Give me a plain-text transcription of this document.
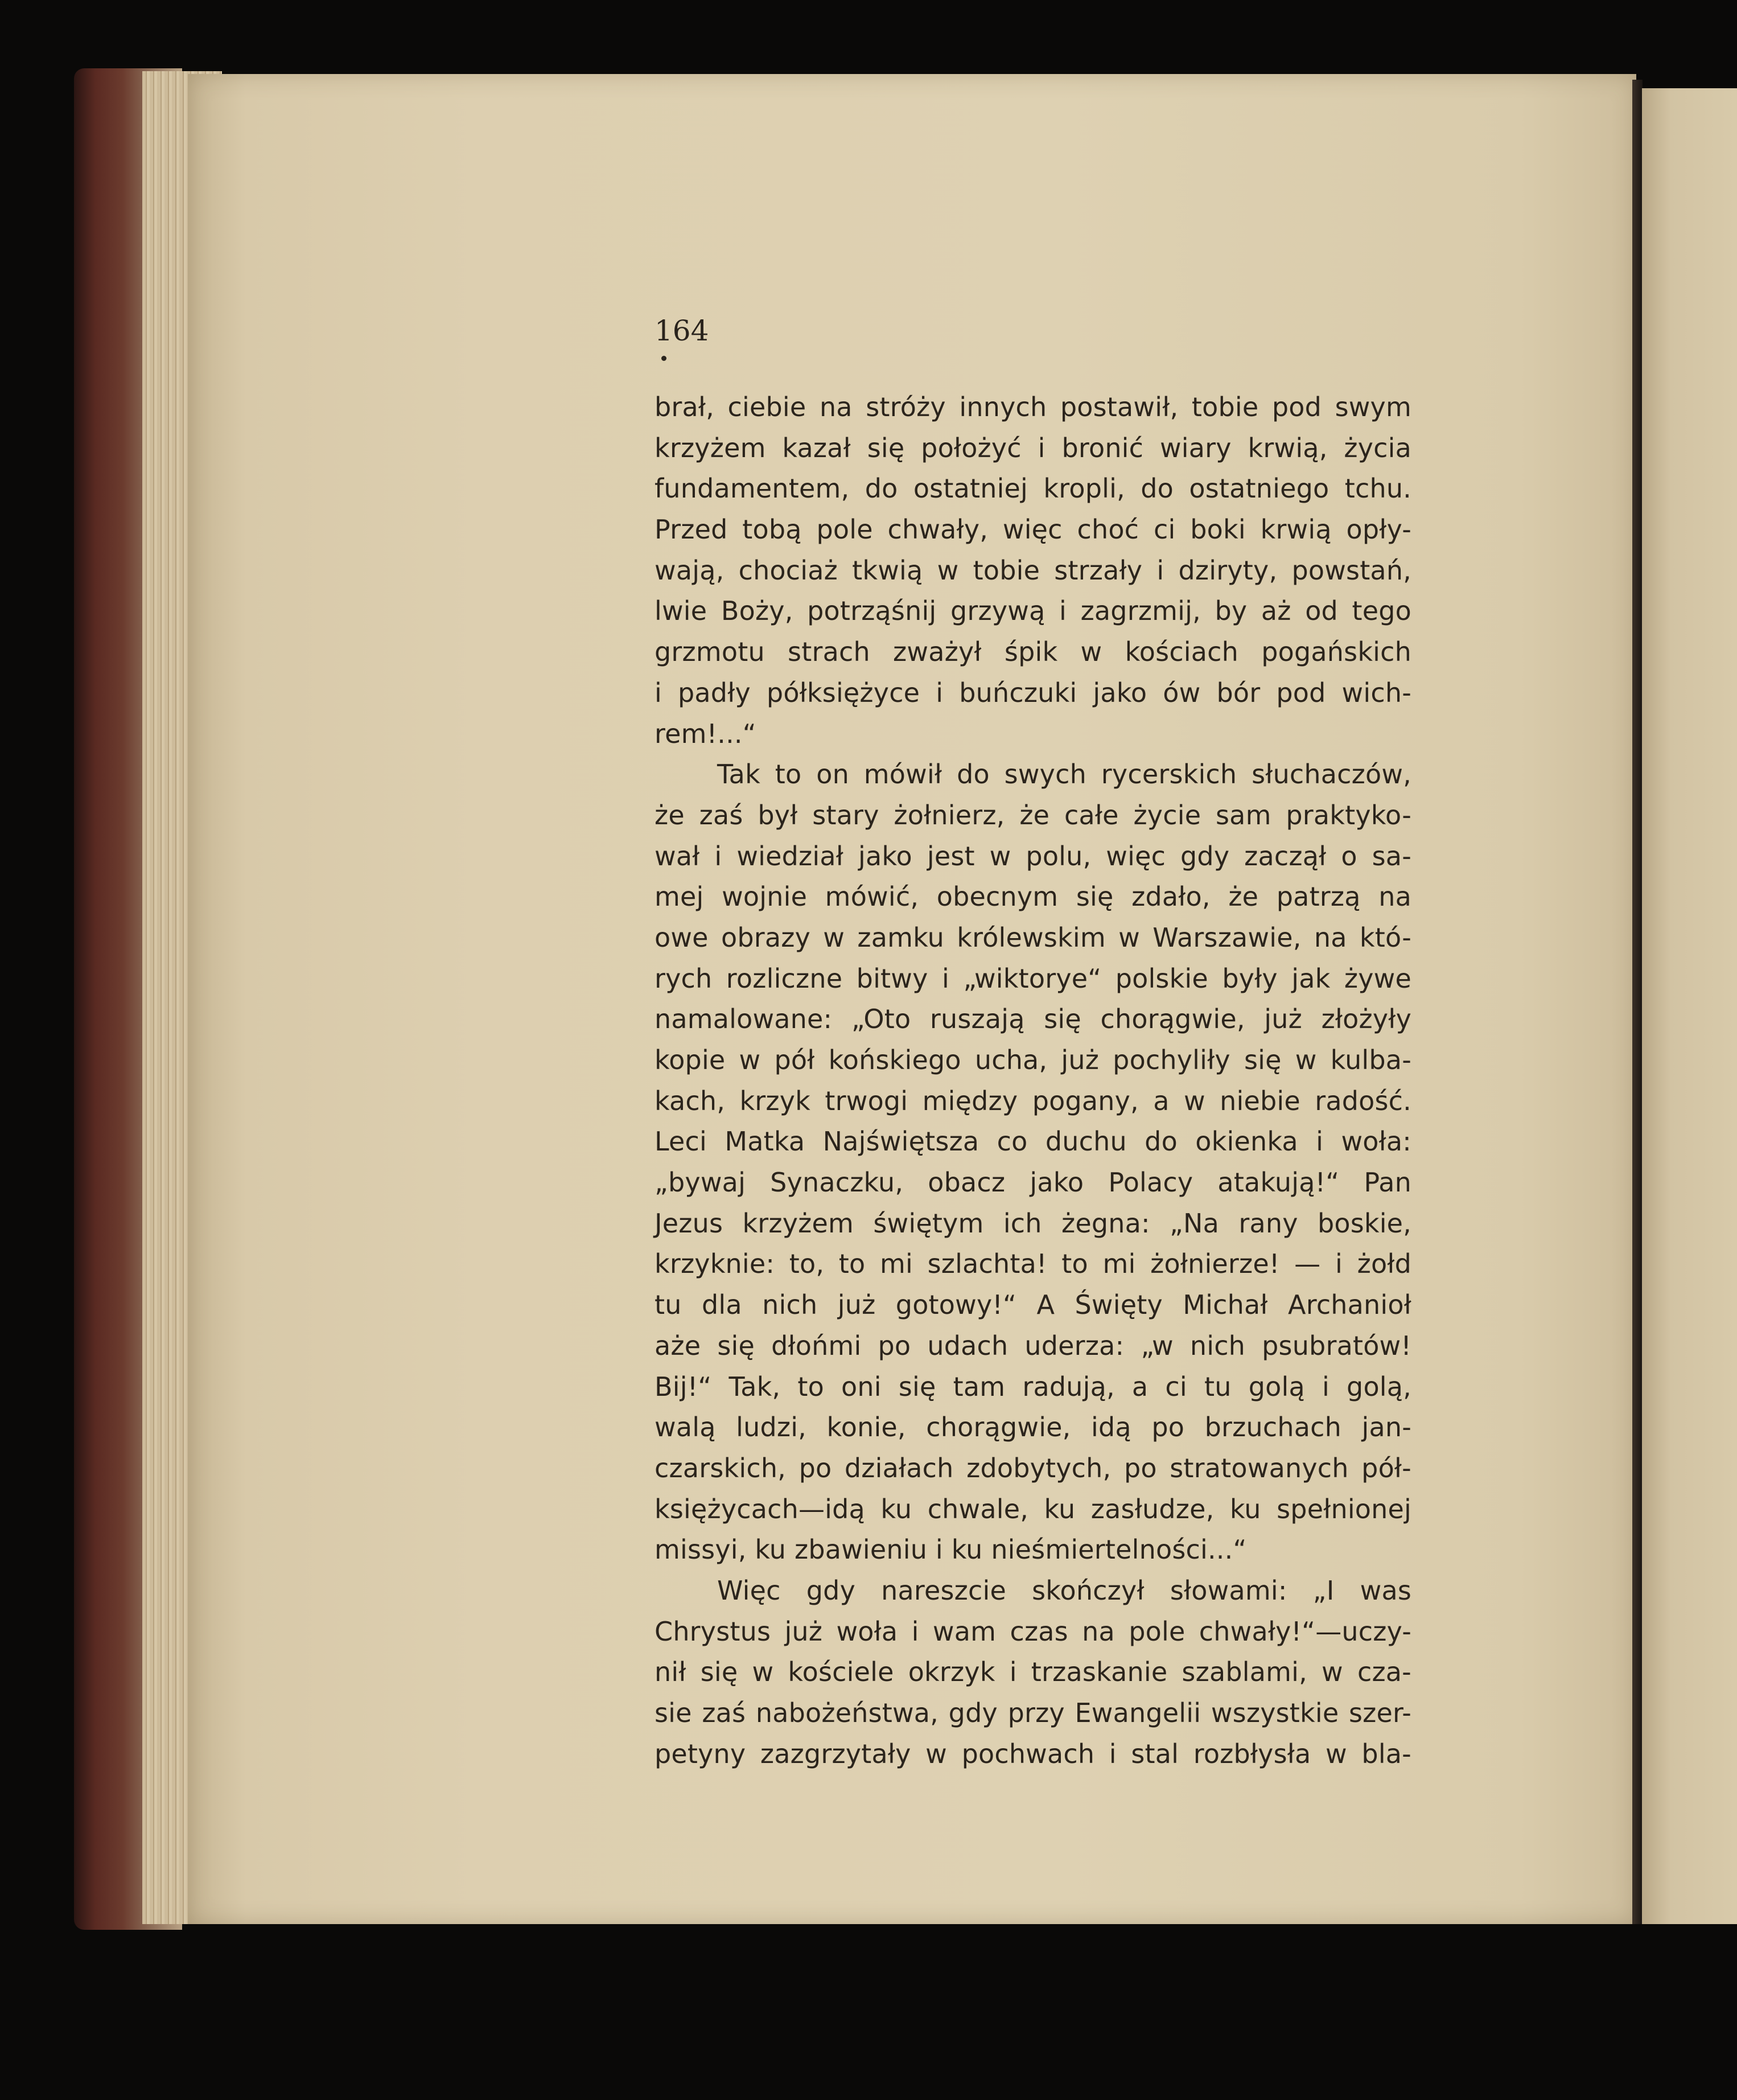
164

brał, ciebie na stróży innych postawił, tobie pod swym
krzyżem kazał się położyć i bronić wiary krwią, życia
fundamentem, do ostatniej kropli, do ostatniego tchu.
Przed tobą pole chwały, więc choć ci boki krwią opły-
wają, chociaż tkwią w tobie strzały i dziryty, powstań,
lwie Boży, potrząśnij grzywą i zagrzmij, by aż od tego
grzmotu strach zważył śpik w kościach pogańskich
i padły półksiężyce i buńczuki jako ów bór pod wich-
rem!...“
Tak to on mówił do swych rycerskich słuchaczów,
że zaś był stary żołnierz, że całe życie sam praktyko-
wał i wiedział jako jest w polu, więc gdy zaczął o sa-
mej wojnie mówić, obecnym się zdało, że patrzą na
owe obrazy w zamku królewskim w Warszawie, na któ-
rych rozliczne bitwy i „wiktorye“ polskie były jak żywe
namalowane: „Oto ruszają się chorągwie, już złożyły
kopie w pół końskiego ucha, już pochyliły się w kulba-
kach, krzyk trwogi między pogany, a w niebie radość.
Leci Matka Najświętsza co duchu do okienka i woła:
„bywaj Synaczku, obacz jako Polacy atakują!“ Pan
Jezus krzyżem świętym ich żegna: „Na rany boskie,
krzyknie: to, to mi szlachta! to mi żołnierze! — i żołd
tu dla nich już gotowy!“ A Święty Michał Archanioł
aże się dłońmi po udach uderza: „w nich psubratów!
Bij!“ Tak, to oni się tam radują, a ci tu golą i golą,
walą ludzi, konie, chorągwie, idą po brzuchach jan-
czarskich, po działach zdobytych, po stratowanych pół-
księżycach—idą ku chwale, ku zasłudze, ku spełnionej
missyi, ku zbawieniu i ku nieśmiertelności...“
Więc gdy nareszcie skończył słowami: „I was
Chrystus już woła i wam czas na pole chwały!“—uczy-
nił się w kościele okrzyk i trzaskanie szablami, w cza-
sie zaś nabożeństwa, gdy przy Ewangelii wszystkie szer-
petyny zazgrzytały w pochwach i stal rozbłysła w bla-
